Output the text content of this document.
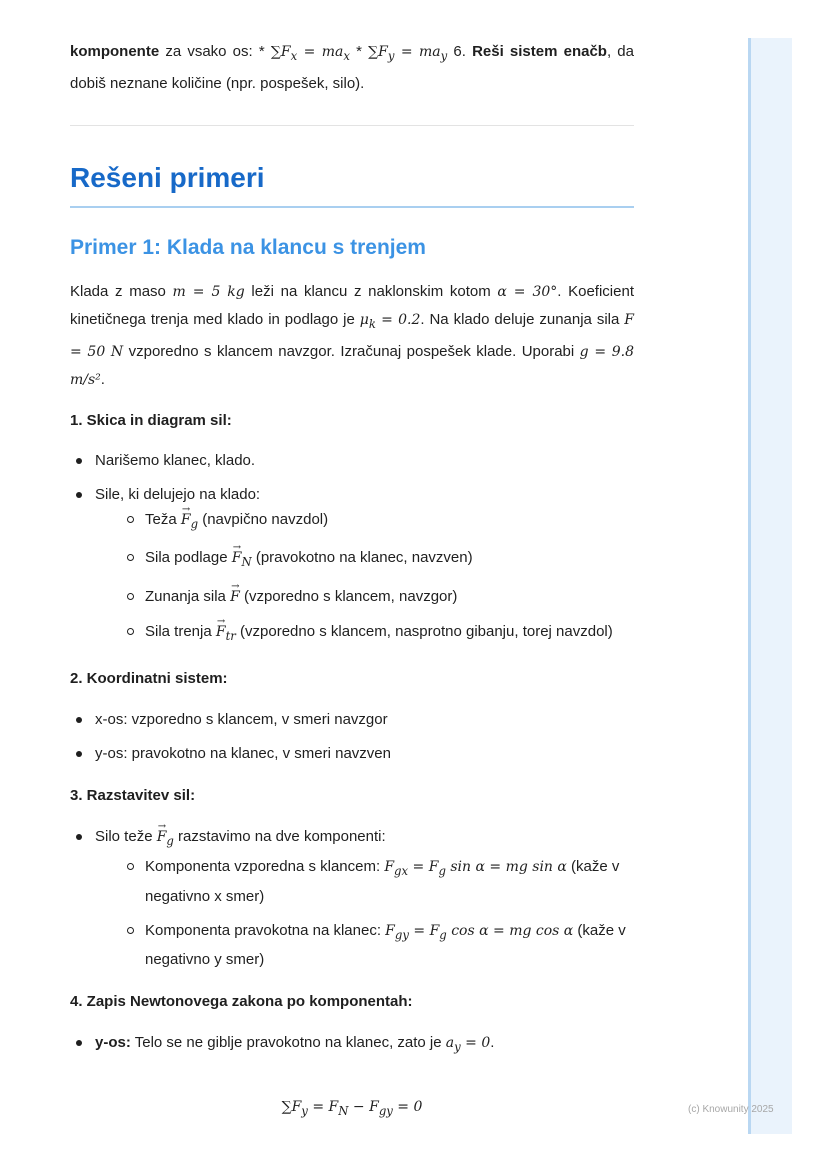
komponente za vsako os: * $\sum F_x = ma_x * \sum F_y = ma_y$ 6. Reši sistem enačb, da dobiš neznane količine (npr. pospešek, silo).

Rešeni primeri
Primer 1: Klada na klancu s trenjem

Klada z maso m = 5 kg leži na klancu z naklonskim kotom α = 30°. Koeficient kinetičnega trenja med klado in podlago je $\mu_k = 0.2$. Na klado deluje zunanja sila F = 50 N vzporedno s klancem navzgor. Izračunaj pospešek klade. Uporabi g = 9.8 m/s².

1. Skica in diagram sil:
Narišemo klanec, klado.
Sile, ki delujejo na klado:
Teža → $F_g$ (navpično navzdol)
Sila podlage → $F_N$ (pravokotno na klanec, navzven)
Zunanja sila → F (vzporedno s klancem, navzgor)
Sila trenja → $F_{tr}$ (vzporedno s klancem, nasprotno gibanju, torej navzdol)
2. Koordinatni sistem:
x-os: vzporedno s klancem, v smeri navzgor
y-os: pravokotno na klanec, v smeri navzven
3. Razstavitev sil:
Silo teže → $F_g$ razstavimo na dve komponenti:
Komponenta vzporedna s klancem: $F_{gx} = F_g$ sin α = mg sin α (kaže v negativno x smer)
Komponenta pravokotna na klanec: $F_{gy} = F_g$ cos α = mg cos α (kaže v negativno y smer)
4. Zapis Newtonovega zakona po komponentah:
y-os: Telo se ne giblje pravokotno na klanec, zato je $a_y = 0$.
$\sum F_y = F_N - F_{gy} = 0$	(c) Knowunity 2025
